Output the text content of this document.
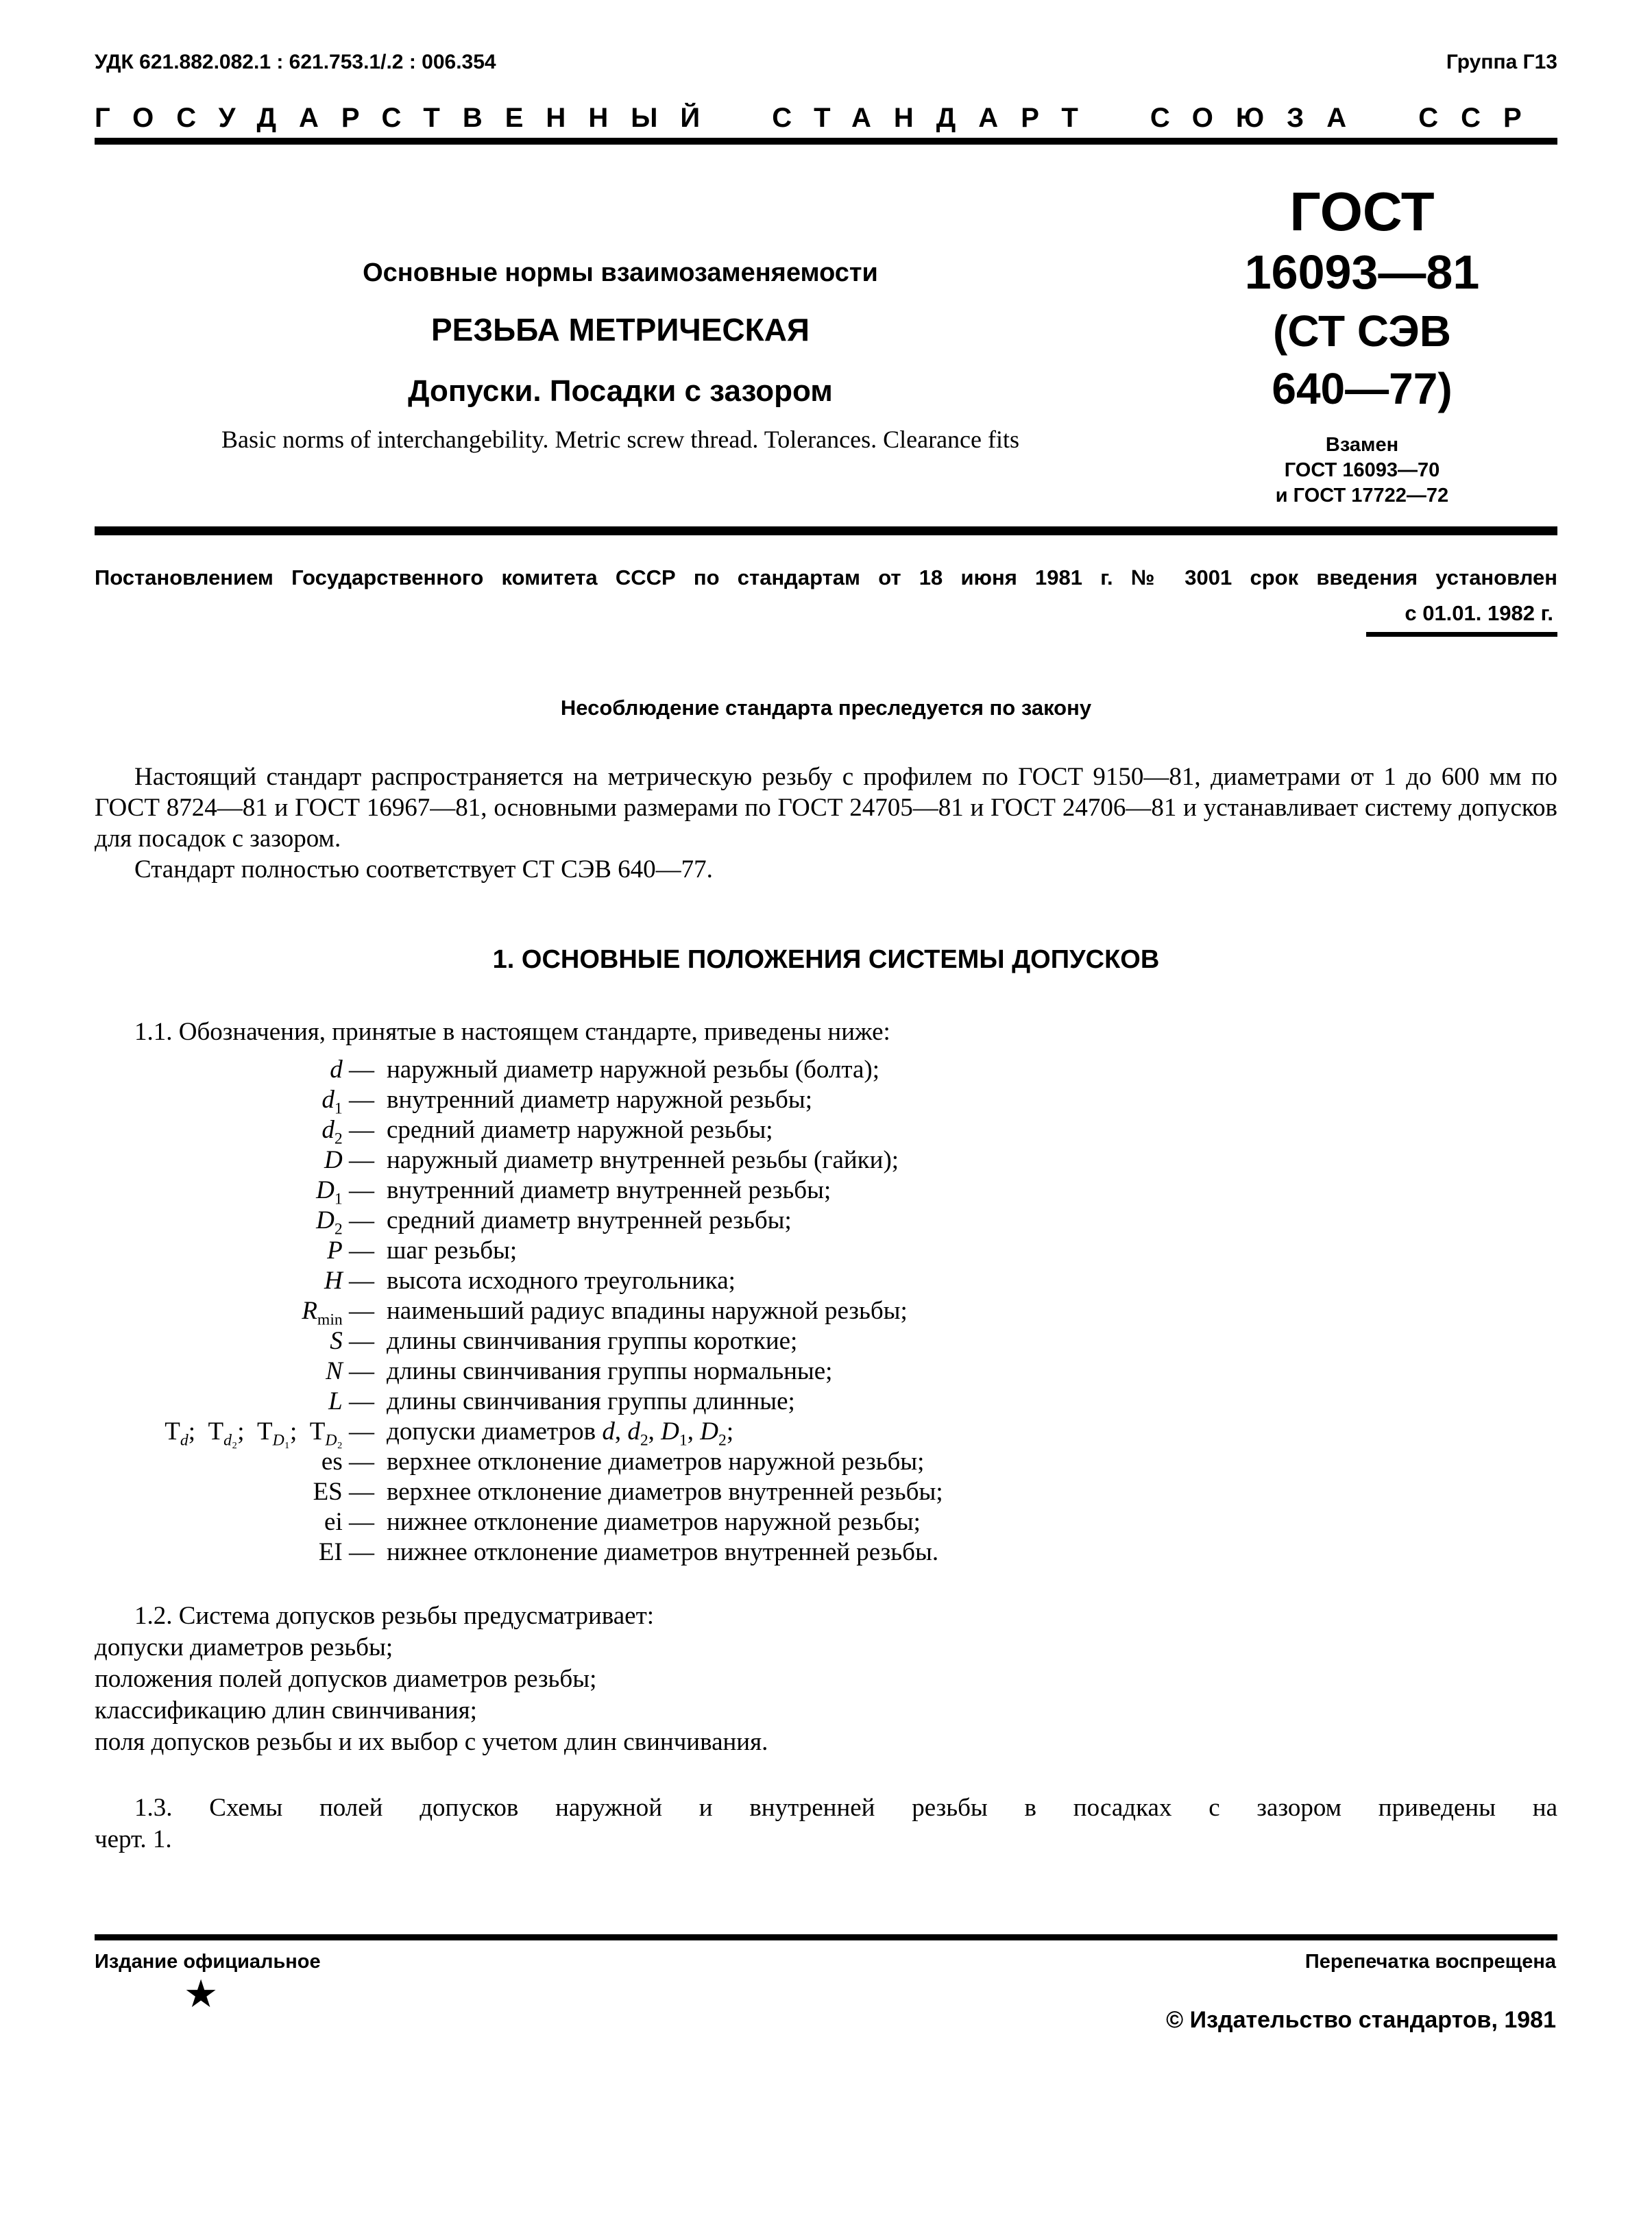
УДК 621.882.082.1 : 621.753.1/.2 : 006.354	Группа Г13
ГОСУДАРСТВЕННЫЙ СТАНДАРТ СОЮЗА ССР
Основные нормы взаимозаменяемости
РЕЗЬБА МЕТРИЧЕСКАЯ
Допуски. Посадки с зазором
Basic norms of interchangebility. Metric screw thread. Tolerances. Clearance fits
ГОСТ
16093—81
(СТ СЭВ
640—77)
Взамен
ГОСТ 16093—70
и ГОСТ 17722—72
Постановлением Государственного комитета СССР по стандартам от 18 июня 1981 г. № 3001 срок введения установлен
с 01.01. 1982 г.
Несоблюдение стандарта преследуется по закону

Настоящий стандарт распространяется на метрическую резьбу с профилем по ГОСТ 9150—81, диаметрами от 1 до 600 мм по ГОСТ 8724—81 и ГОСТ 16967—81, основными размерами по ГОСТ 24705—81 и ГОСТ 24706—81 и устанавливает систему допусков для посадок с зазором.

Стандарт полностью соответствует СТ СЭВ 640—77.

1. ОСНОВНЫЕ ПОЛОЖЕНИЯ СИСТЕМЫ ДОПУСКОВ
1.1. Обозначения, принятые в настоящем стандарте, приведены ниже:
d — наружный диаметр наружной резьбы (болта);
$d_1$ — внутренний диаметр наружной резьбы;
$d_2$ — средний диаметр наружной резьбы;
D — наружный диаметр внутренней резьбы (гайки);
$D_1$ — внутренний диаметр внутренней резьбы;
$D_2$ — средний диаметр внутренней резьбы;
P — шаг резьбы;
H — высота исходного треугольника;
$R_{min}$ — наименьший радиус впадины наружной резьбы;
S — длины свинчивания группы короткие;
N — длины свинчивания группы нормальные;
L — длины свинчивания группы длинные;
$Т_d$;  $Т_{d_2}$;  $Т_{D_1}$;  $Т_{D_2}$ — допуски диаметров d, $d_2$, $D_1$, $D_2$;
es — верхнее отклонение диаметров наружной резьбы;
ES — верхнее отклонение диаметров внутренней резьбы;
ei — нижнее отклонение диаметров наружной резьбы;
EI — нижнее отклонение диаметров внутренней резьбы.
1.2. Система допусков резьбы предусматривает:
допуски диаметров резьбы;
положения полей допусков диаметров резьбы;
классификацию длин свинчивания;
поля допусков резьбы и их выбор с учетом длин свинчивания.
1.3. Схемы полей допусков наружной и внутренней резьбы в посадках с зазором приведены на
черт. 1.
Издание официальное
★
Перепечатка воспрещена
© Издательство стандартов, 1981
